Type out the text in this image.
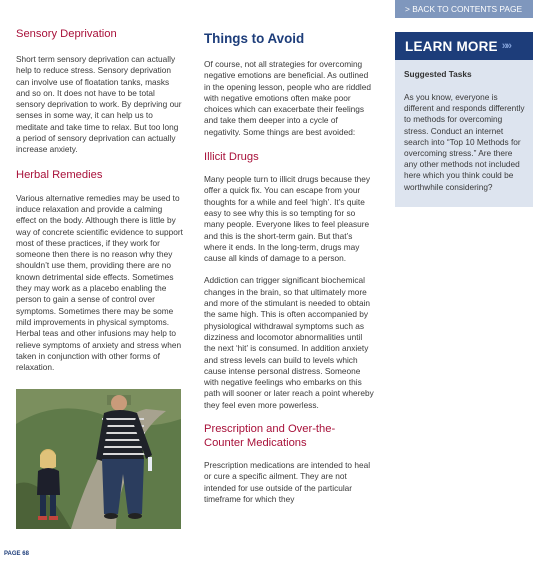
> BACK TO CONTENTS PAGE
LEARN MORE »»
Suggested Tasks

As you know, everyone is different and responds differently to methods for overcoming stress. Conduct an internet search into “Top 10 Methods for overcoming stress.” Are there any other methods not included here which you think could be worthwhile considering?

Sensory Deprivation

Short term sensory deprivation can actually help to reduce stress. Sensory deprivation can involve use of floatation tanks, masks and so on. It does not have to be total sensory deprivation to work. By depriving our senses in some way, it can help us to meditate and take time to relax. But too long a period of sensory deprivation can actually increase anxiety.

Herbal Remedies

Various alternative remedies may be used to induce relaxation and provide a calming effect on the body. Although there is little by way of concrete scientific evidence to support most of these practices, if they work for someone then there is no reason why they shouldn’t use them, providing there are no known detrimental side effects. Sometimes they may work as a placebo enabling the person to gain a sense of control over symptoms. Sometimes there may be some mild improvements in physical symptoms. Herbal teas and other infusions may help to relieve symptoms of anxiety and stress when taken in conjunction with other forms of relaxation.

Things to Avoid

Of course, not all strategies for overcoming negative emotions are beneficial. As outlined in the opening lesson, people who are riddled with negative emotions often make poor choices which can exacerbate their feelings and take them deeper into a cycle of negativity. Some things are best avoided:

Illicit Drugs

Many people turn to illicit drugs because they offer a quick fix. You can escape from your thoughts for a while and feel ‘high’. It’s quite easy to see why this is so tempting for so many people. Everyone likes to feel pleasure and this is the short-term gain. But that’s where it ends. In the long-term, drugs may cause all kinds of damage to a person.

Addiction can trigger significant biochemical changes in the brain, so that ultimately more and more of the stimulant is needed to obtain the same high. This is often accompanied by physiological withdrawal symptoms such as dizziness and locomotor abnormalities until the next ‘hit’ is consumed. In addition anxiety and stress levels can build to levels which cause intense personal distress. Someone with negative feelings who embarks on this path will sooner or later reach a point whereby they feel even more powerless.

Prescription and Over-the-Counter Medications

Prescription medications are intended to heal or cure a specific ailment. They are not intended for use outside of the particular timeframe for which they

PAGE 68
